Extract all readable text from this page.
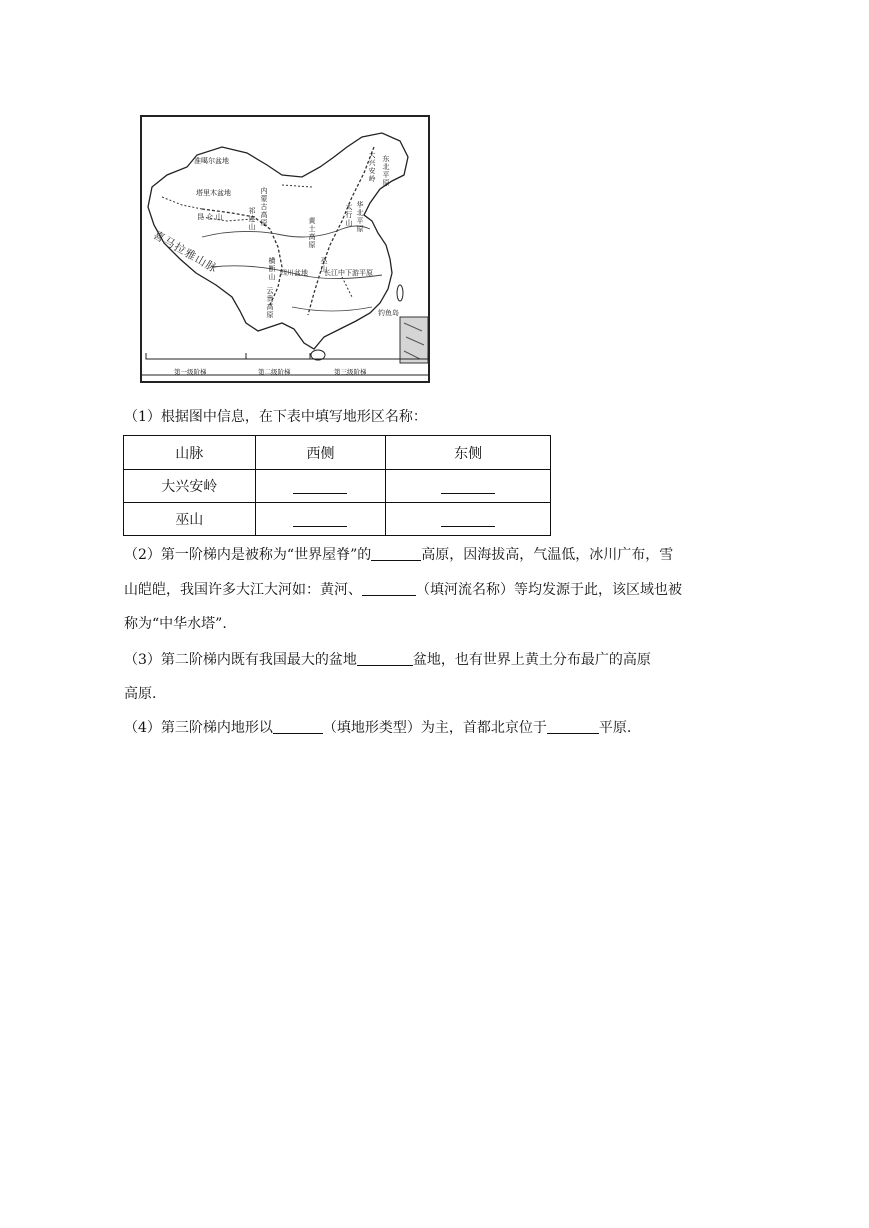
准噶尔盆地
塔里木盆地
昆 仑 山
内蒙古高原
祁连山
东北平原
黄土高原
华北平原
四川盆地 长江中下游平原
云贵高原
横断山
钓鱼岛
喜马拉雅山脉
大兴安岭
太行山
巫山
第一级阶梯	第二级阶梯	第三级阶梯
（1）根据图中信息，在下表中填写地形区名称：
山脉	西侧	东侧
大兴安岭		
巫山		
（2）第一阶梯内是被称为“世界屋脊”的	高原，因海拔高，气温低，冰川广布，雪
山皑皑，我国许多大江大河如：黄河、	（填河流名称）等均发源于此，该区域也被
称为“中华水塔”.
（3）第二阶梯内既有我国最大的盆地	盆地，也有世界上黄土分布最广的高原
高原.
（4）第三阶梯内地形以	（填地形类型）为主，首都北京位于	平原.
